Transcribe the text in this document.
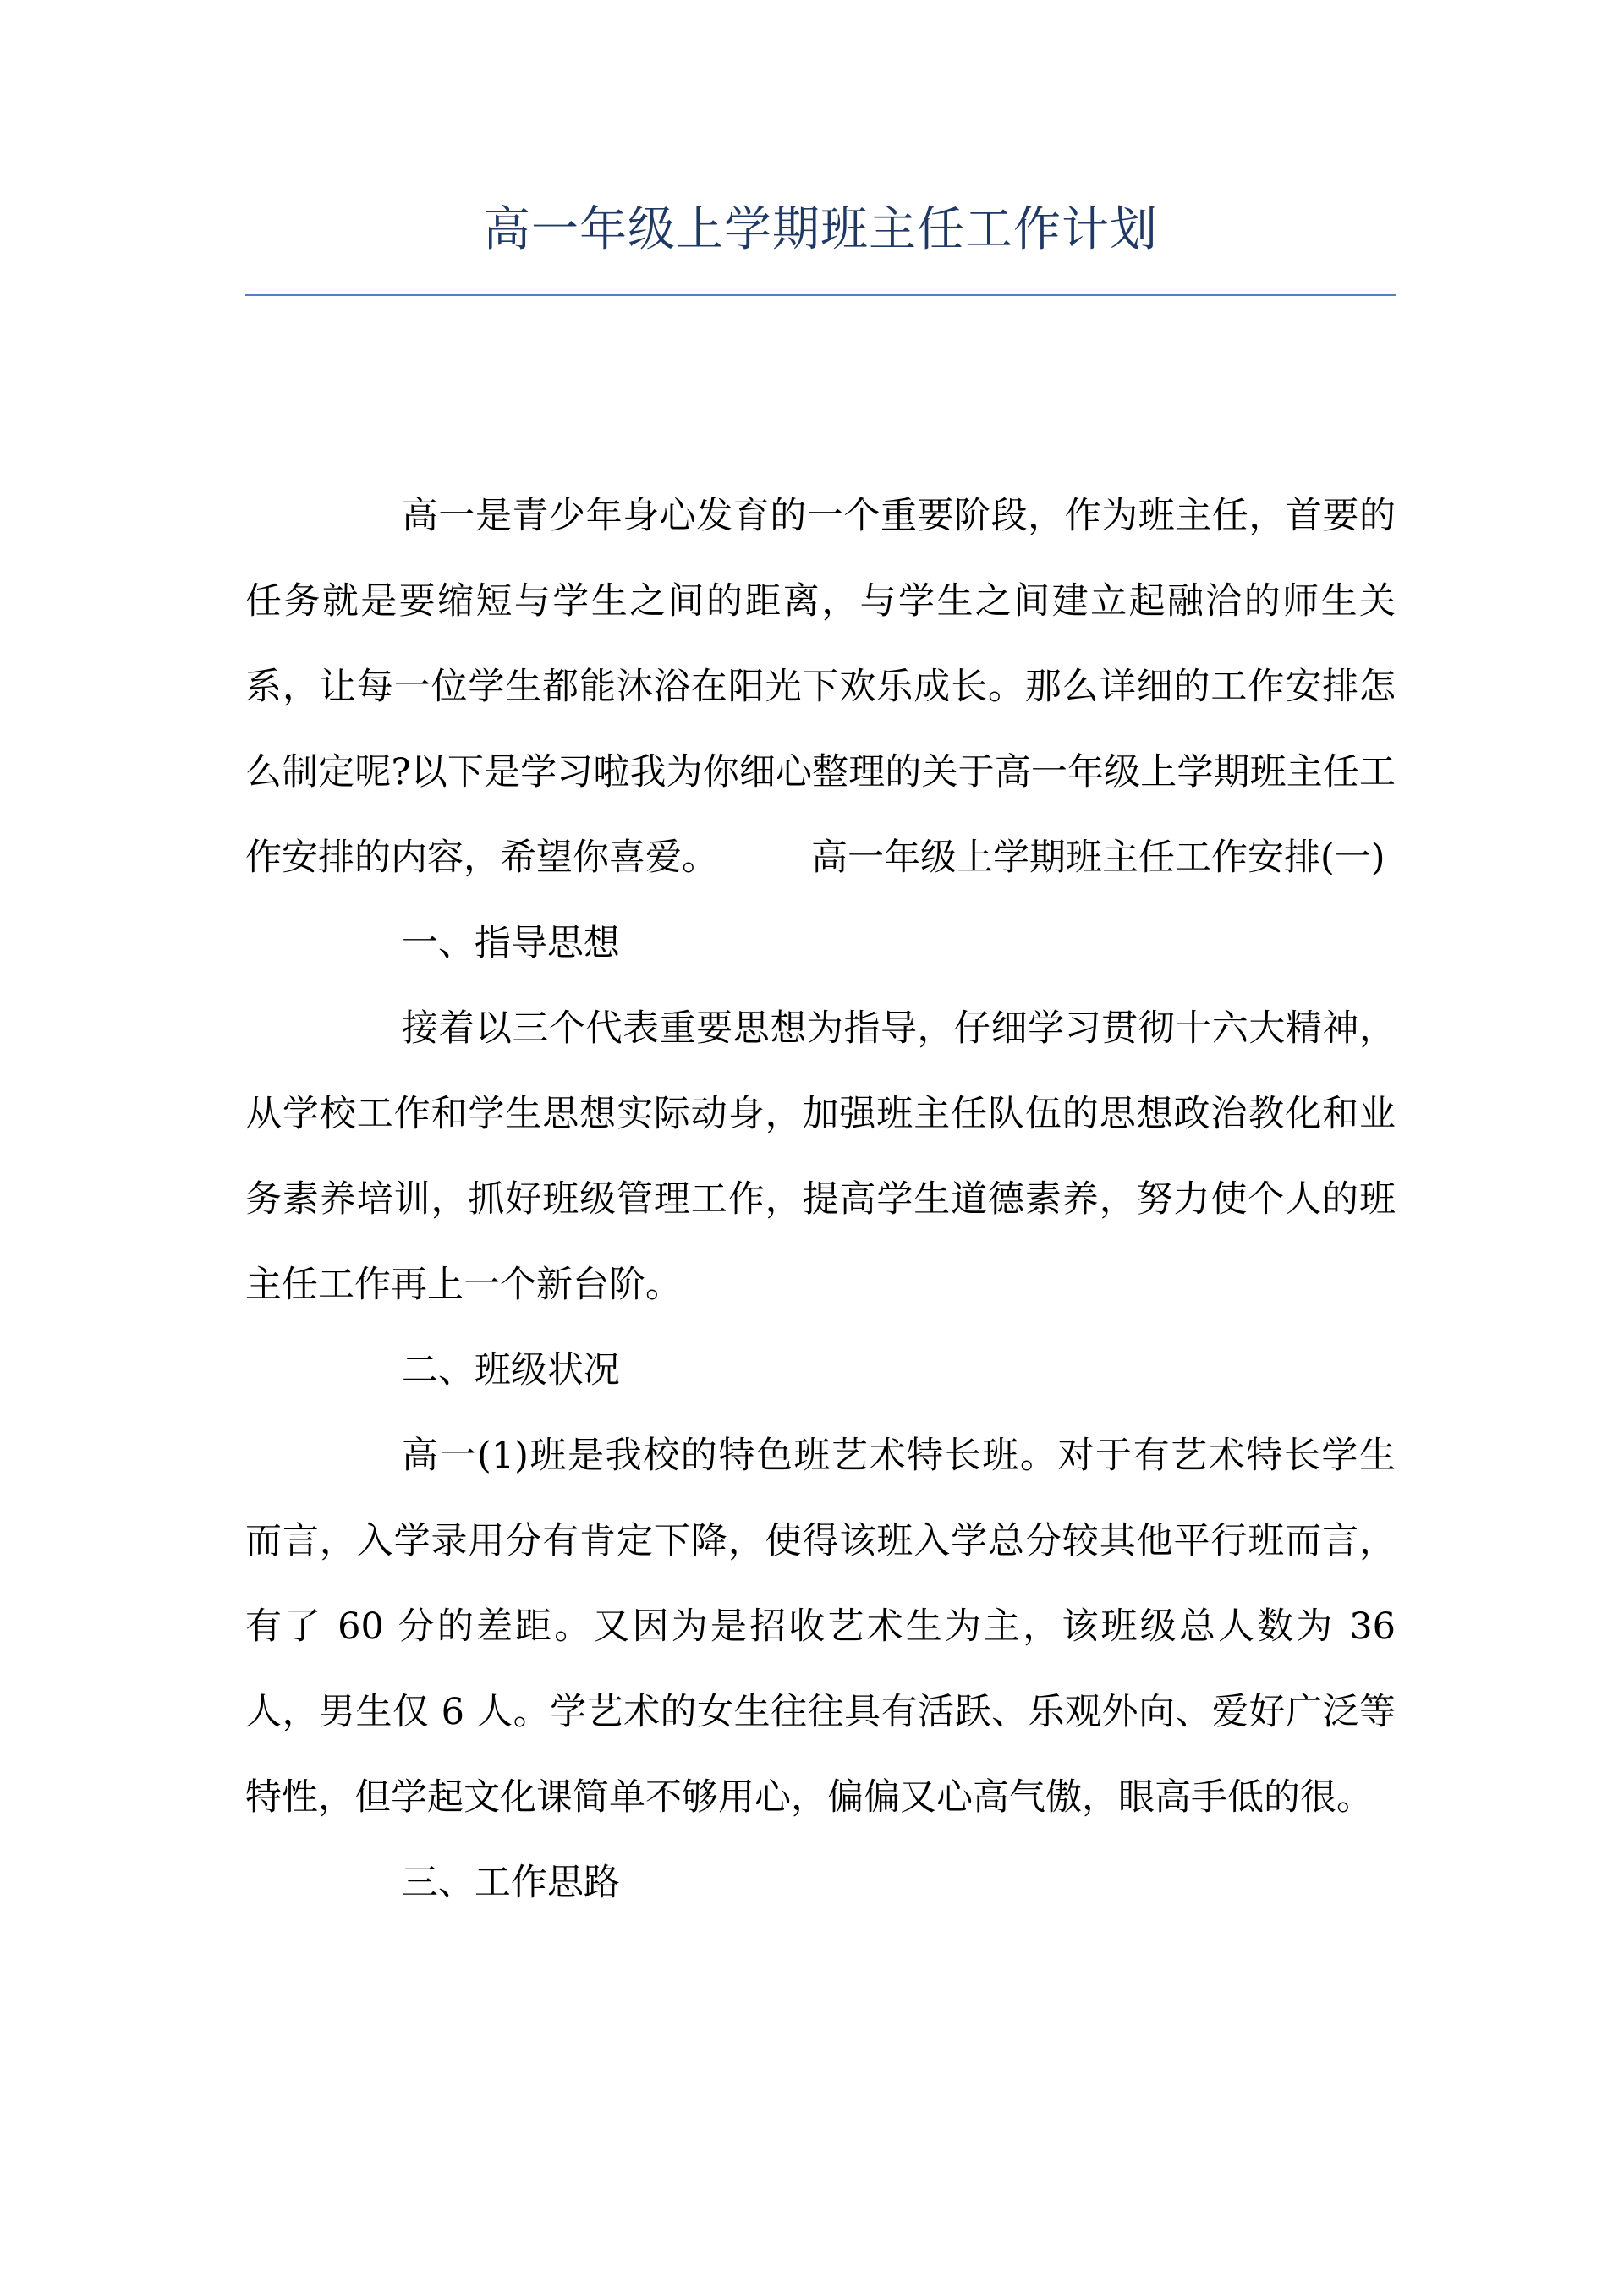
高一年级上学期班主任工作计划

高一是青少年身心发育的一个重要阶段，作为班主任，首要的任务就是要缩短与学生之间的距离，与学生之间建立起融洽的师生关系，让每一位学生都能沐浴在阳光下欢乐成长。那么详细的工作安排怎么制定呢?以下是学习啦我为你细心整理的关于高一年级上学期班主任工作安排的内容，希望你喜爱。	高一年级上学期班主任工作安排(一)

一、指导思想

接着以三个代表重要思想为指导，仔细学习贯彻十六大精神，从学校工作和学生思想实际动身，加强班主任队伍的思想政治教化和业务素养培训，抓好班级管理工作，提高学生道德素养，努力使个人的班主任工作再上一个新台阶。

二、班级状况

高一(1)班是我校的特色班艺术特长班。对于有艺术特长学生而言，入学录用分有肯定下降，使得该班入学总分较其他平行班而言，有了 60 分的差距。又因为是招收艺术生为主，该班级总人数为 36 人，男生仅 6 人。学艺术的女生往往具有活跃、乐观外向、爱好广泛等特性，但学起文化课简单不够用心，偏偏又心高气傲，眼高手低的很。

三、工作思路
